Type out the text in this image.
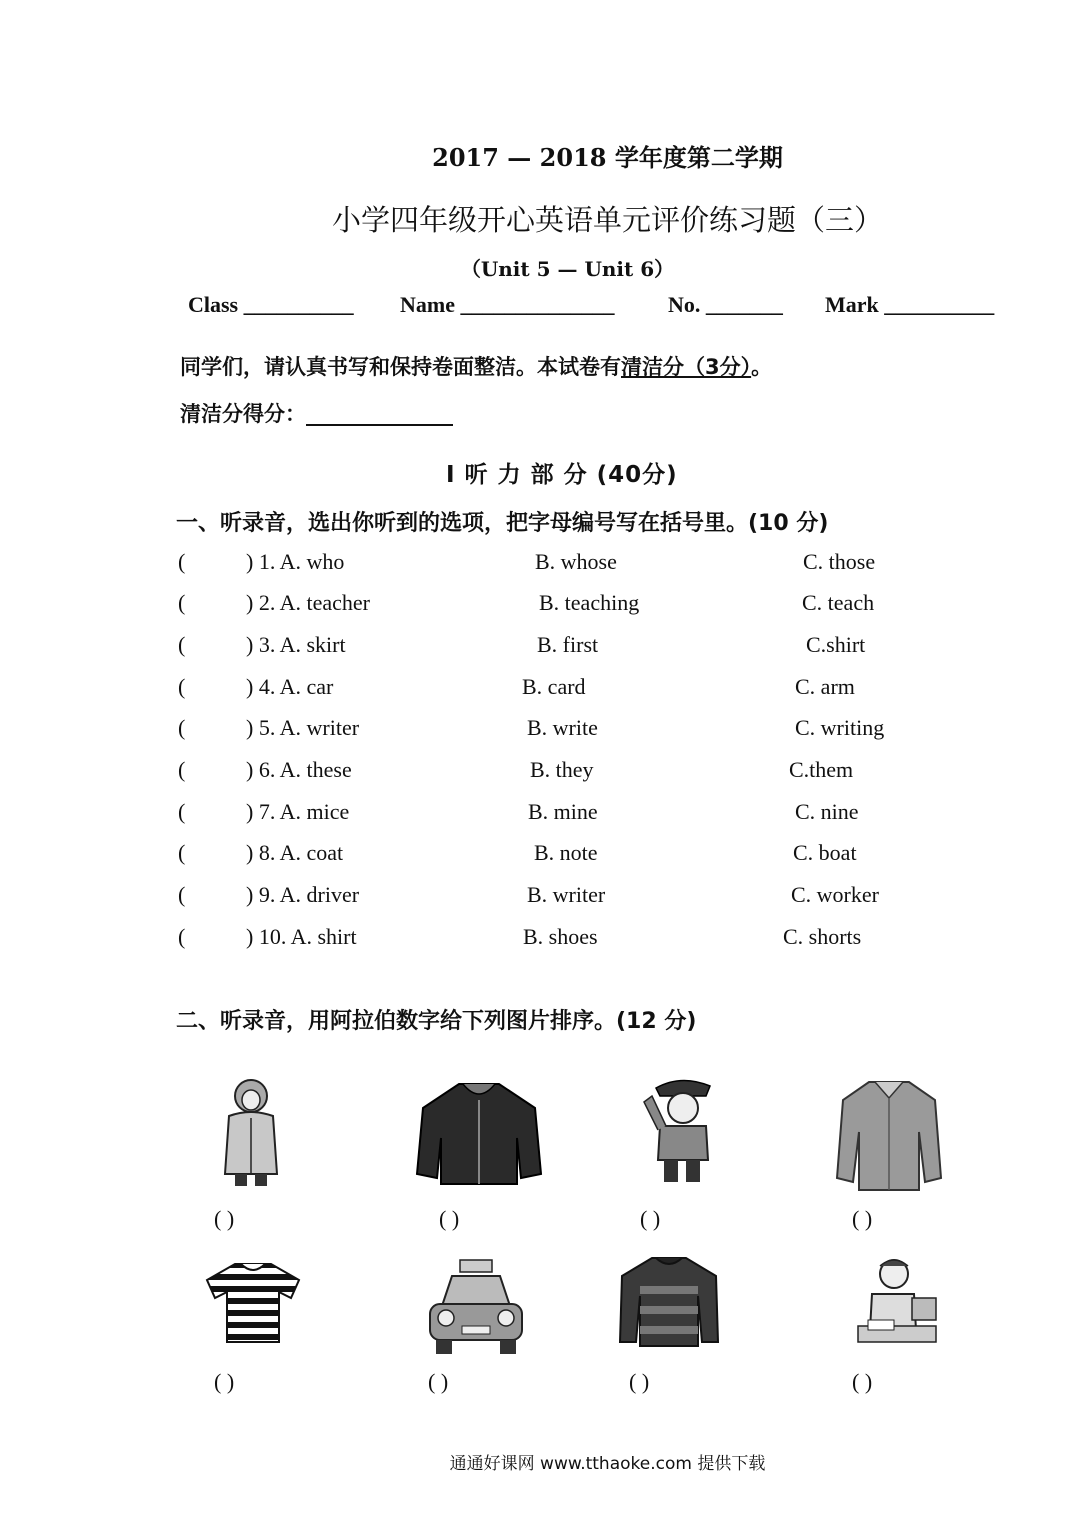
2017 — 2018 学年度第二学期
小学四年级开心英语单元评价练习题（三）
（Unit 5 — Unit 6）
Class __________ Name ______________ No. _______ Mark __________
同学们，请认真书写和保持卷面整洁。本试卷有清洁分（3分）。
清洁分得分：______________
I 听 力 部 分 (40分)
一、听录音，选出你听到的选项，把字母编号写在括号里。(10 分)
(	) 1. A. who	B. whose	C. those
(	) 2. A. teacher	B. teaching	C. teach
(	) 3. A. skirt	B. first	C.shirt
(	) 4. A. car	B. card	C. arm
(	) 5. A. writer	B. write	C. writing
(	) 6. A. these	B. they	C.them
(	) 7. A. mice	B. mine	C. nine
(	) 8. A. coat	B. note	C. boat
(	) 9. A. driver	B. writer	C. worker
(	) 10. A. shirt	B. shoes	C. shorts
二、听录音，用阿拉伯数字给下列图片排序。(12 分)
( )	( )	( )	( )
( )	( )	( )	( )
通通好课网 www.tthaoke.com 提供下载
